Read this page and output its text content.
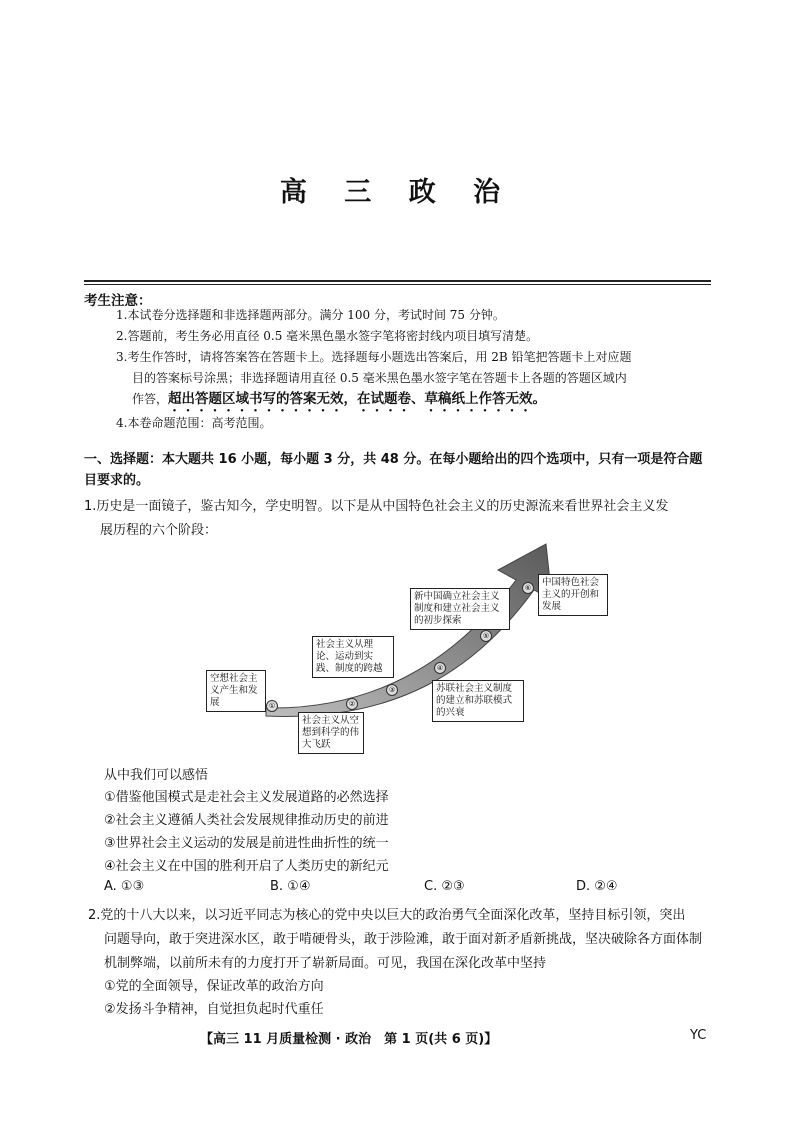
高 三 政 治
考生注意：
1.本试卷分选择题和非选择题两部分。满分 100 分，考试时间 75 分钟。
2.答题前，考生务必用直径 0.5 毫米黑色墨水签字笔将密封线内项目填写清楚。
3.考生作答时，请将答案答在答题卡上。选择题每小题选出答案后，用 2B 铅笔把答题卡上对应题
目的答案标号涂黑；非选择题请用直径 0.5 毫米黑色墨水签字笔在答题卡上各题的答题区域内
作答，超出答题区域书写的答案无效，在试题卷、草稿纸上作答无效。
4.本卷命题范围：高考范围。
一、选择题：本大题共 16 小题，每小题 3 分，共 48 分。在每小题给出的四个选项中，只有一项是符合题目要求的。
1.历史是一面镜子，鉴古知今，学史明智。以下是从中国特色社会主义的历史源流来看世界社会主义发
展历程的六个阶段：
空想社会主义产生和发展
社会主义从空想到科学的伟大飞跃
社会主义从理论、运动到实践、制度的跨越
苏联社会主义制度的建立和苏联模式的兴衰
新中国确立社会主义制度和建立社会主义的初步探索
中国特色社会主义的开创和发展
①	②
③
④
⑤
⑥
从中我们可以感悟
①借鉴他国模式是走社会主义发展道路的必然选择
②社会主义遵循人类社会发展规律推动历史的前进
③世界社会主义运动的发展是前进性曲折性的统一
④社会主义在中国的胜利开启了人类历史的新纪元
A. ①③	B. ①④	C. ②③	D. ②④
2.党的十八大以来，以习近平同志为核心的党中央以巨大的政治勇气全面深化改革，坚持目标引领，突出
问题导向，敢于突进深水区，敢于啃硬骨头，敢于涉险滩，敢于面对新矛盾新挑战，坚决破除各方面体制
机制弊端，以前所未有的力度打开了崭新局面。可见，我国在深化改革中坚持
①党的全面领导，保证改革的政治方向
②发扬斗争精神，自觉担负起时代重任
【高三 11 月质量检测 · 政治　第 1 页(共 6 页)】	YC
